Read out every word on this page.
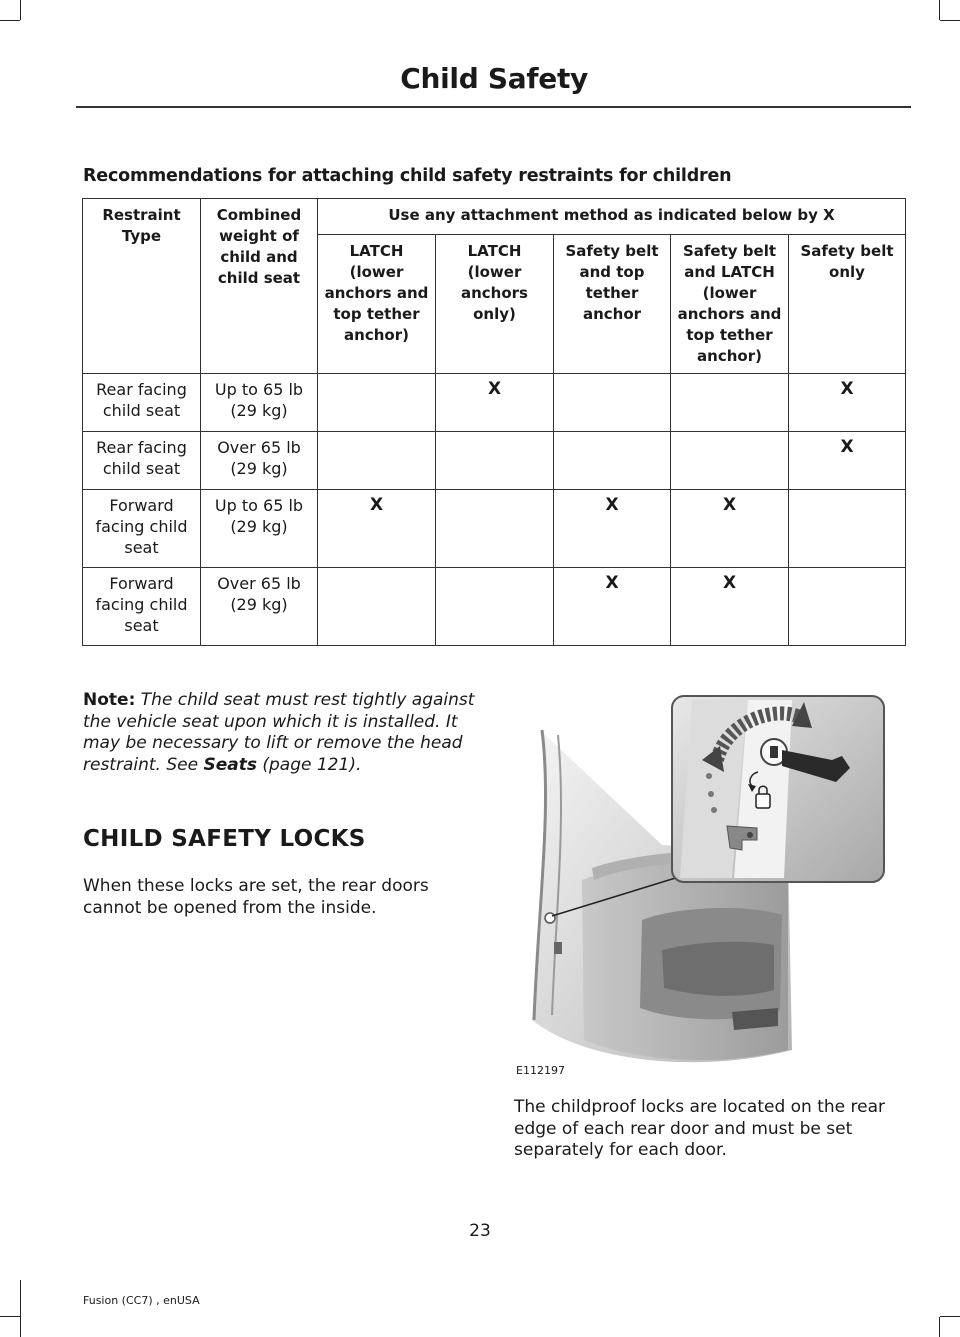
Child Safety
Recommendations for attaching child safety restraints for children
Restraint Type	Combined weight of child and child seat	Use any attachment method as indicated below by X				
		LATCH (lower anchors and top tether anchor)	LATCH (lower anchors only)	Safety belt and top tether anchor	Safety belt and LATCH (lower anchors and top tether anchor)	Safety belt only
Rear facing child seat	Up to 65 lb (29 kg)		X			X
Rear facing child seat	Over 65 lb (29 kg)					X
Forward facing child seat	Up to 65 lb (29 kg)	X		X	X	
Forward facing child seat	Over 65 lb (29 kg)			X	X	
Note: The child seat must rest tightly against the vehicle seat upon which it is installed. It may be necessary to lift or remove the head restraint. See Seats (page 121).
CHILD SAFETY LOCKS
When these locks are set, the rear doors cannot be opened from the inside.
E112197
The childproof locks are located on the rear edge of each rear door and must be set separately for each door.
23
Fusion (CC7) , enUSA
